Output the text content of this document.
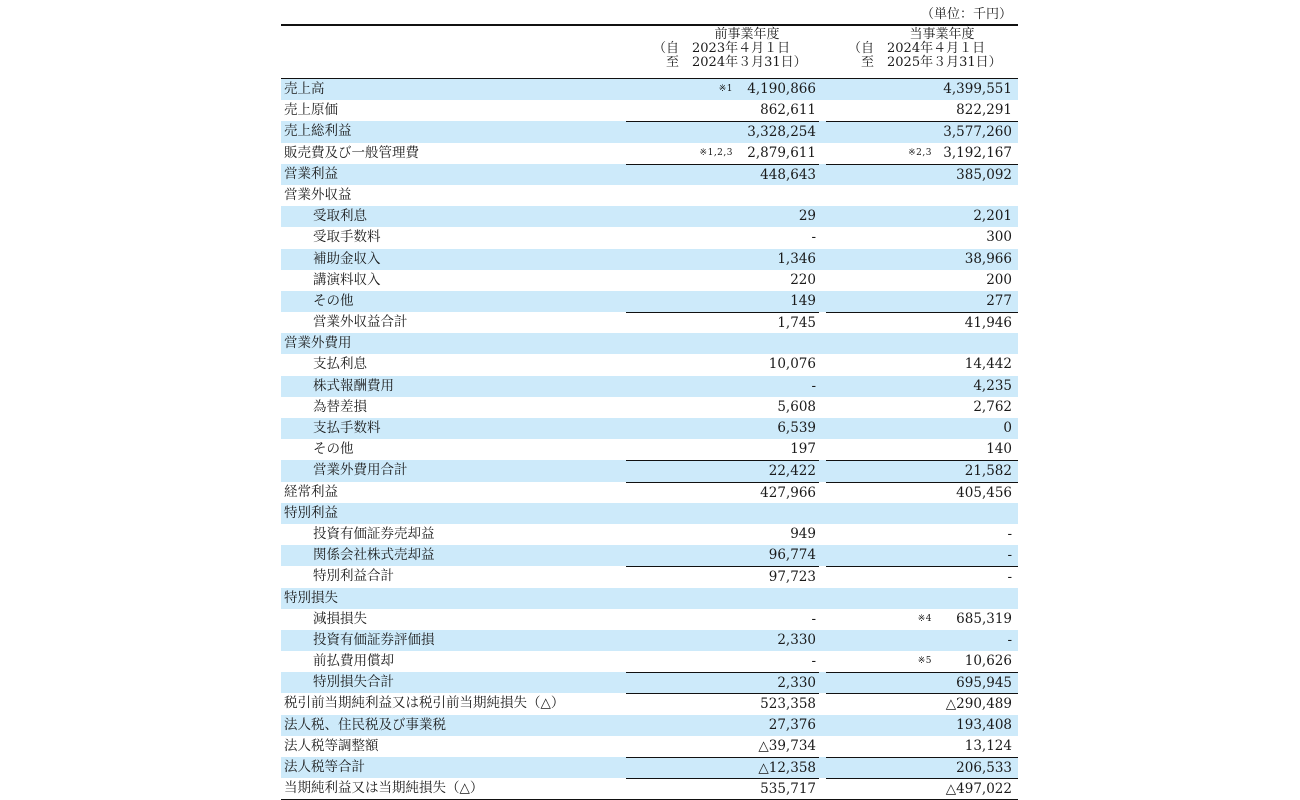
（単位：千円）
前事業年度
（自　2023年４月１日
　至　2024年３月31日）
当事業年度
（自　2024年４月１日
　至　2025年３月31日）
売上高	※1 4,190,866	4,399,551
売上原価	862,611	822,291
売上総利益	3,328,254	3,577,260
販売費及び一般管理費	※1,2,3 2,879,611	※2,3 3,192,167
営業利益	448,643	385,092
営業外収益
受取利息	29	2,201
受取手数料	-	300
補助金収入	1,346	38,966
講演料収入	220	200
その他	149	277
営業外収益合計	1,745	41,946
営業外費用
支払利息	10,076	14,442
株式報酬費用	-	4,235
為替差損	5,608	2,762
支払手数料	6,539	0
その他	197	140
営業外費用合計	22,422	21,582
経常利益	427,966	405,456
特別利益
投資有価証券売却益	949	-
関係会社株式売却益	96,774	-
特別利益合計	97,723	-
特別損失
減損損失	-	※4 685,319
投資有価証券評価損	2,330	-
前払費用償却	-	※5 10,626
特別損失合計	2,330	695,945
税引前当期純利益又は税引前当期純損失（△）	523,358	△290,489
法人税、住民税及び事業税	27,376	193,408
法人税等調整額	△39,734	13,124
法人税等合計	△12,358	206,533
当期純利益又は当期純損失（△）	535,717	△497,022
